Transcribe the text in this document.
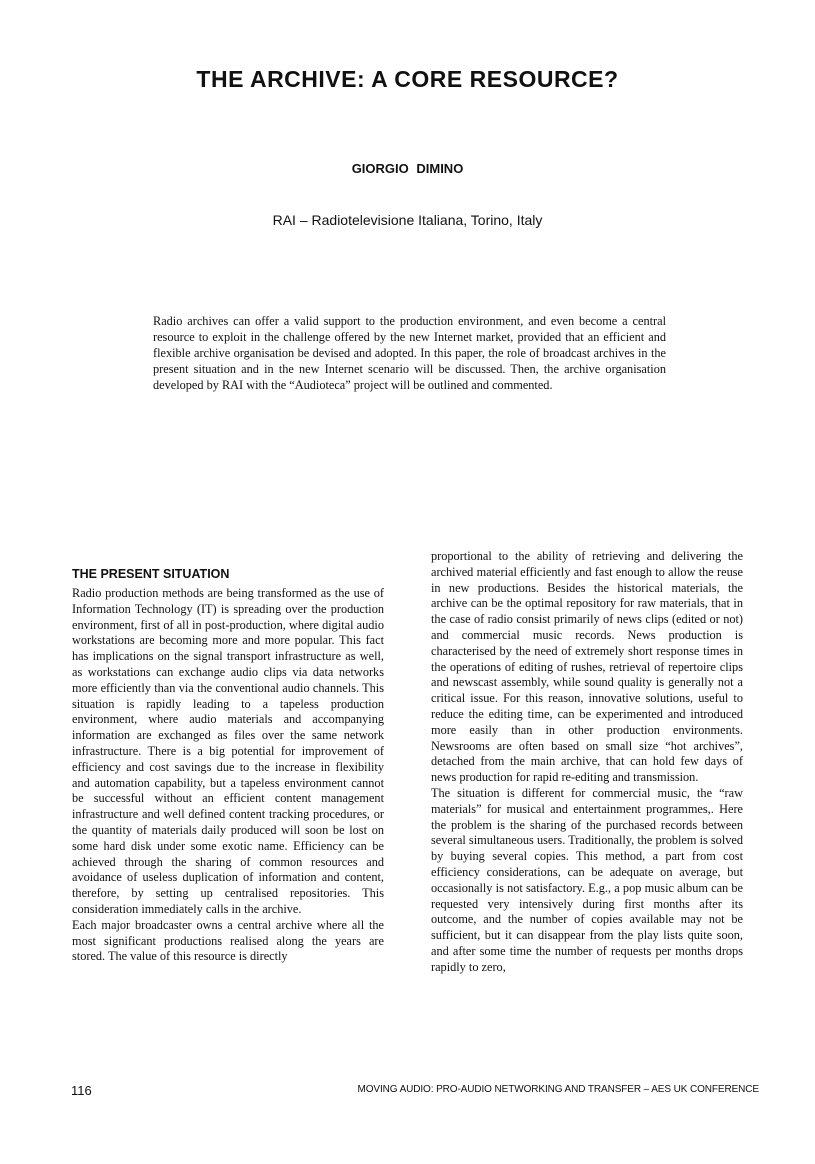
THE ARCHIVE: A CORE RESOURCE?
GIORGIO DIMINO
RAI – Radiotelevisione Italiana, Torino, Italy

Radio archives can offer a valid support to the production environment, and even become a central resource to exploit in the challenge offered by the new Internet market, provided that an efficient and flexible archive organisation be devised and adopted. In this paper, the role of broadcast archives in the present situation and in the new Internet scenario will be discussed. Then, the archive organisation developed by RAI with the “Audioteca” project will be outlined and commented.

THE PRESENT SITUATION

Radio production methods are being transformed as the use of Information Technology (IT) is spreading over the production environment, first of all in post-production, where digital audio workstations are becoming more and more popular. This fact has implications on the signal transport infrastructure as well, as workstations can exchange audio clips via data networks more efficiently than via the conventional audio channels. This situation is rapidly leading to a tapeless production environment, where audio materials and accompanying information are exchanged as files over the same network infrastructure. There is a big potential for improvement of efficiency and cost savings due to the increase in flexibility and automation capability, but a tapeless environment cannot be successful without an efficient content management infrastructure and well defined content tracking procedures, or the quantity of materials daily produced will soon be lost on some hard disk under some exotic name. Efficiency can be achieved through the sharing of common resources and avoidance of useless duplication of information and content, therefore, by setting up centralised repositories. This consideration immediately calls in the archive.

Each major broadcaster owns a central archive where all the most significant productions realised along the years are stored. The value of this resource is directly

proportional to the ability of retrieving and delivering the archived material efficiently and fast enough to allow the reuse in new productions. Besides the historical materials, the archive can be the optimal repository for raw materials, that in the case of radio consist primarily of news clips (edited or not) and commercial music records. News production is characterised by the need of extremely short response times in the operations of editing of rushes, retrieval of repertoire clips and newscast assembly, while sound quality is generally not a critical issue. For this reason, innovative solutions, useful to reduce the editing time, can be experimented and introduced more easily than in other production environments. Newsrooms are often based on small size “hot archives”, detached from the main archive, that can hold few days of news production for rapid re-editing and transmission.

The situation is different for commercial music, the “raw materials” for musical and entertainment programmes,. Here the problem is the sharing of the purchased records between several simultaneous users. Traditionally, the problem is solved by buying several copies. This method, a part from cost efficiency considerations, can be adequate on average, but occasionally is not satisfactory. E.g., a pop music album can be requested very intensively during first months after its outcome, and the number of copies available may not be sufficient, but it can disappear from the play lists quite soon, and after some time the number of requests per months drops rapidly to zero,

116	MOVING AUDIO: PRO-AUDIO NETWORKING AND TRANSFER – AES UK CONFERENCE
